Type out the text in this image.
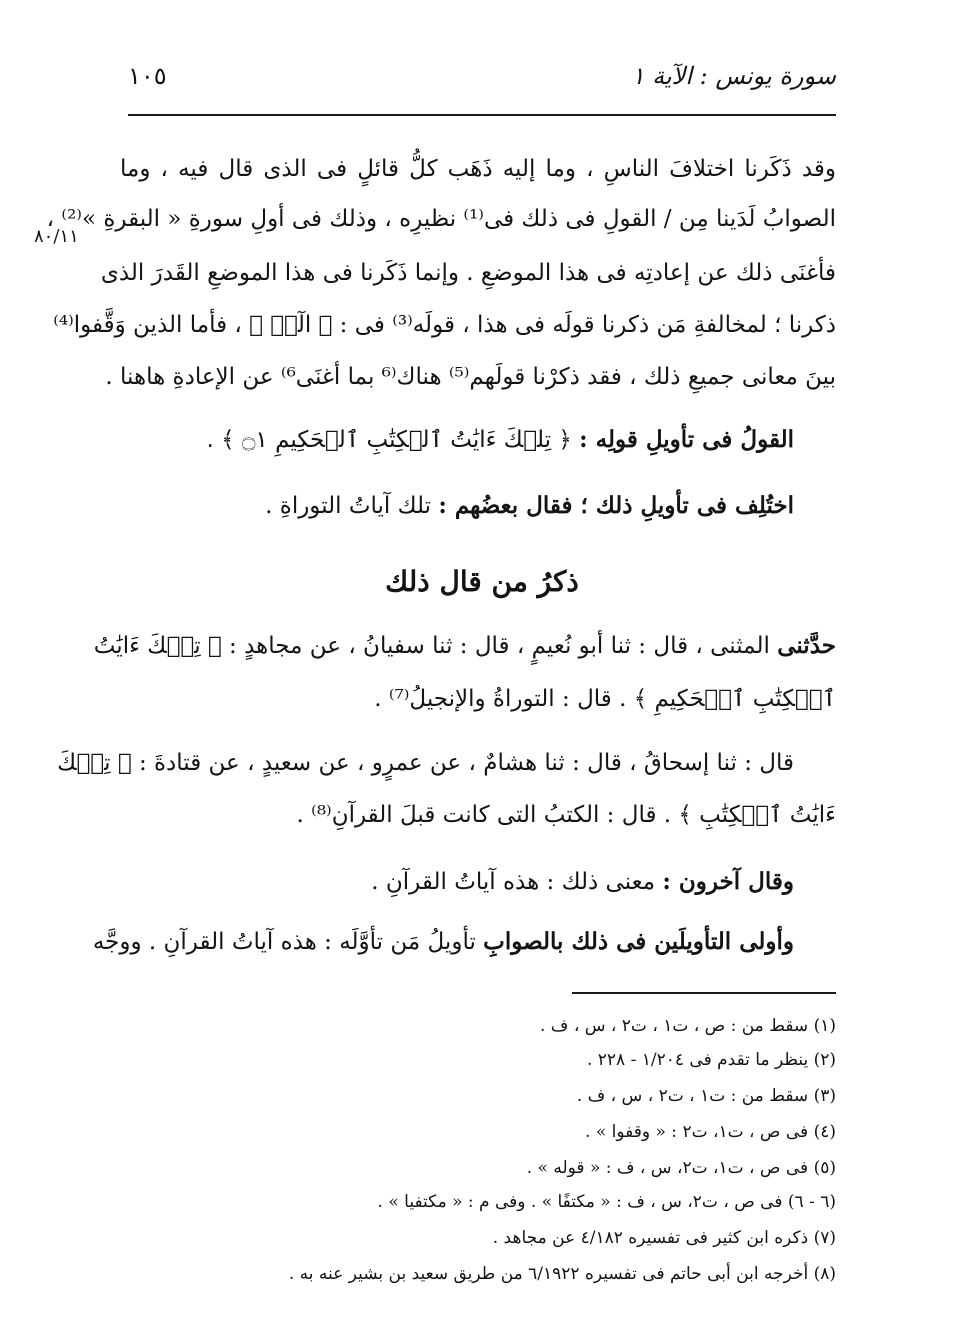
سورة يونس : الآية ١
١٠٥
٨٠/١١
وقد ذَكَرنا اختلافَ الناسِ ، وما إليه ذَهَب كلُّ قائلٍ فى الذى قال فيه ، وما
الصوابُ لَدَينا مِن / القولِ فى ذلك فى⁽¹⁾ نظيرِه ، وذلك فى أولِ سورةِ « البقرةِ »⁽²⁾ ،
فأغنَى ذلك عن إعادتِه فى هذا الموضعِ . وإنما ذَكَرنا فى هذا الموضعِ القَدرَ الذى
ذكرنا ؛ لمخالفةِ مَن ذكرنا قولَه فى هذا ، قولَه⁽³⁾ فى : ﴿ الٓرۚ ﴾ ، فأما الذين وَقَّفوا⁽⁴⁾
بينَ معانى جميعِ ذلك ، فقد ذكرْنا قولَهم⁽⁵⁾ هناك⁽⁶ بما أغنَى⁶⁾ عن الإعادةِ هاهنا .
القولُ فى تأويلِ قولِه : ﴿ تِلۡكَ ءَايَٰتُ ٱلۡكِتَٰبِ ٱلۡحَكِيمِ ۝١ ﴾ .
اختُلِف فى تأويلِ ذلك ؛ فقال بعضُهم : تلك آياتُ التوراةِ .
ذكرُ من قال ذلك
حدَّثنى المثنى ، قال : ثنا أبو نُعيمٍ ، قال : ثنا سفيانُ ، عن مجاهدٍ : ﴿ تِلۡكَ ءَايَٰتُ
ٱلۡكِتَٰبِ ٱلۡحَكِيمِ ﴾ . قال : التوراةُ والإنجيلُ⁽⁷⁾ .
قال : ثنا إسحاقُ ، قال : ثنا هشامٌ ، عن عمرٍو ، عن سعيدٍ ، عن قتادةَ : ﴿ تِلۡكَ
ءَايَٰتُ ٱلۡكِتَٰبِ ﴾ . قال : الكتبُ التى كانت قبلَ القرآنِ⁽⁸⁾ .
وقال آخرون : معنى ذلك : هذه آياتُ القرآنِ .
وأولى التأويلَين فى ذلك بالصوابِ تأويلُ مَن تأوَّلَه : هذه آياتُ القرآنِ . ووجَّه
(١) سقط من : ص ، ت١ ، ت٢ ، س ، ف .
(٢) ينظر ما تقدم فى ١/٢٠٤ - ٢٢٨ .
(٣) سقط من : ت١ ، ت٢ ، س ، ف .
(٤) فى ص ، ت١، ت٢ : « وقفوا » .
(٥) فى ص ، ت١، ت٢، س ، ف : « قوله » .
(٦ - ٦) فى ص ، ت٢، س ، ف : « مكتفًا » . وفى م : « مكتفيا » .
(٧) ذكره ابن كثير فى تفسيره ٤/١٨٢ عن مجاهد .
(٨) أخرجه ابن أبى حاتم فى تفسيره ٦/١٩٢٢ من طريق سعيد بن بشير عنه به .
